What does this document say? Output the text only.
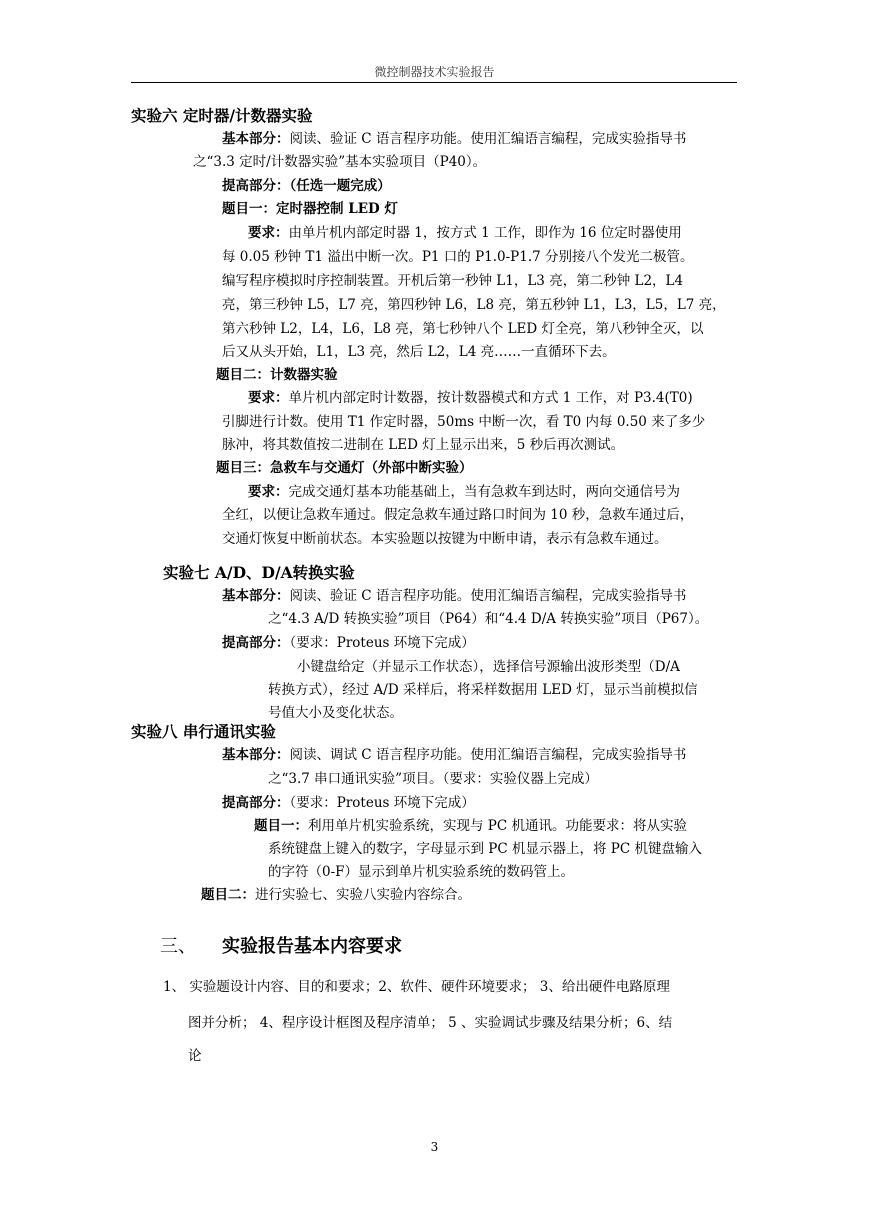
微控制器技术实验报告
实验六 定时器/计数器实验
基本部分：阅读、验证 C 语言程序功能。使用汇编语言编程，完成实验指导书
之“3.3 定时/计数器实验”基本实验项目（P40）。
提高部分：（任选一题完成）
题目一：定时器控制 LED 灯
要求：由单片机内部定时器 1，按方式 1 工作，即作为 16 位定时器使用
每 0.05 秒钟 T1 溢出中断一次。P1 口的 P1.0-P1.7 分别接八个发光二极管。
编写程序模拟时序控制装置。开机后第一秒钟 L1，L3 亮，第二秒钟 L2，L4
亮，第三秒钟 L5，L7 亮，第四秒钟 L6，L8 亮，第五秒钟 L1，L3，L5，L7 亮，
第六秒钟 L2，L4，L6，L8 亮，第七秒钟八个 LED 灯全亮，第八秒钟全灭，以
后又从头开始，L1，L3 亮，然后 L2，L4 亮……一直循环下去。
题目二：计数器实验
要求：单片机内部定时计数器，按计数器模式和方式 1 工作，对 P3.4(T0)
引脚进行计数。使用 T1 作定时器，50ms 中断一次，看 T0 内每 0.50 来了多少
脉冲，将其数值按二进制在 LED 灯上显示出来，5 秒后再次测试。
题目三：急救车与交通灯（外部中断实验）
要求：完成交通灯基本功能基础上，当有急救车到达时，两向交通信号为
全红，以便让急救车通过。假定急救车通过路口时间为 10 秒，急救车通过后，
交通灯恢复中断前状态。本实验题以按键为中断申请，表示有急救车通过。
实验七 A/D、D/A转换实验
基本部分：阅读、验证 C 语言程序功能。使用汇编语言编程，完成实验指导书
之“4.3 A/D 转换实验”项目（P64）和“4.4 D/A 转换实验”项目（P67）。
提高部分：（要求：Proteus 环境下完成）
小键盘给定（并显示工作状态），选择信号源输出波形类型（D/A
转换方式），经过 A/D 采样后，将采样数据用 LED 灯，显示当前模拟信
号值大小及变化状态。
实验八 串行通讯实验
基本部分：阅读、调试 C 语言程序功能。使用汇编语言编程，完成实验指导书
之“3.7 串口通讯实验”项目。（要求：实验仪器上完成）
提高部分：（要求：Proteus 环境下完成）
题目一：利用单片机实验系统，实现与 PC 机通讯。功能要求：将从实验
系统键盘上键入的数字，字母显示到 PC 机显示器上，将 PC 机键盘输入
的字符（0-F）显示到单片机实验系统的数码管上。
题目二：进行实验七、实验八实验内容综合。
三、 实验报告基本内容要求
1、 实验题设计内容、目的和要求；2、软件、硬件环境要求； 3、给出硬件电路原理
图并分析； 4、程序设计框图及程序清单； 5 、实验调试步骤及结果分析；6、结
论
3
